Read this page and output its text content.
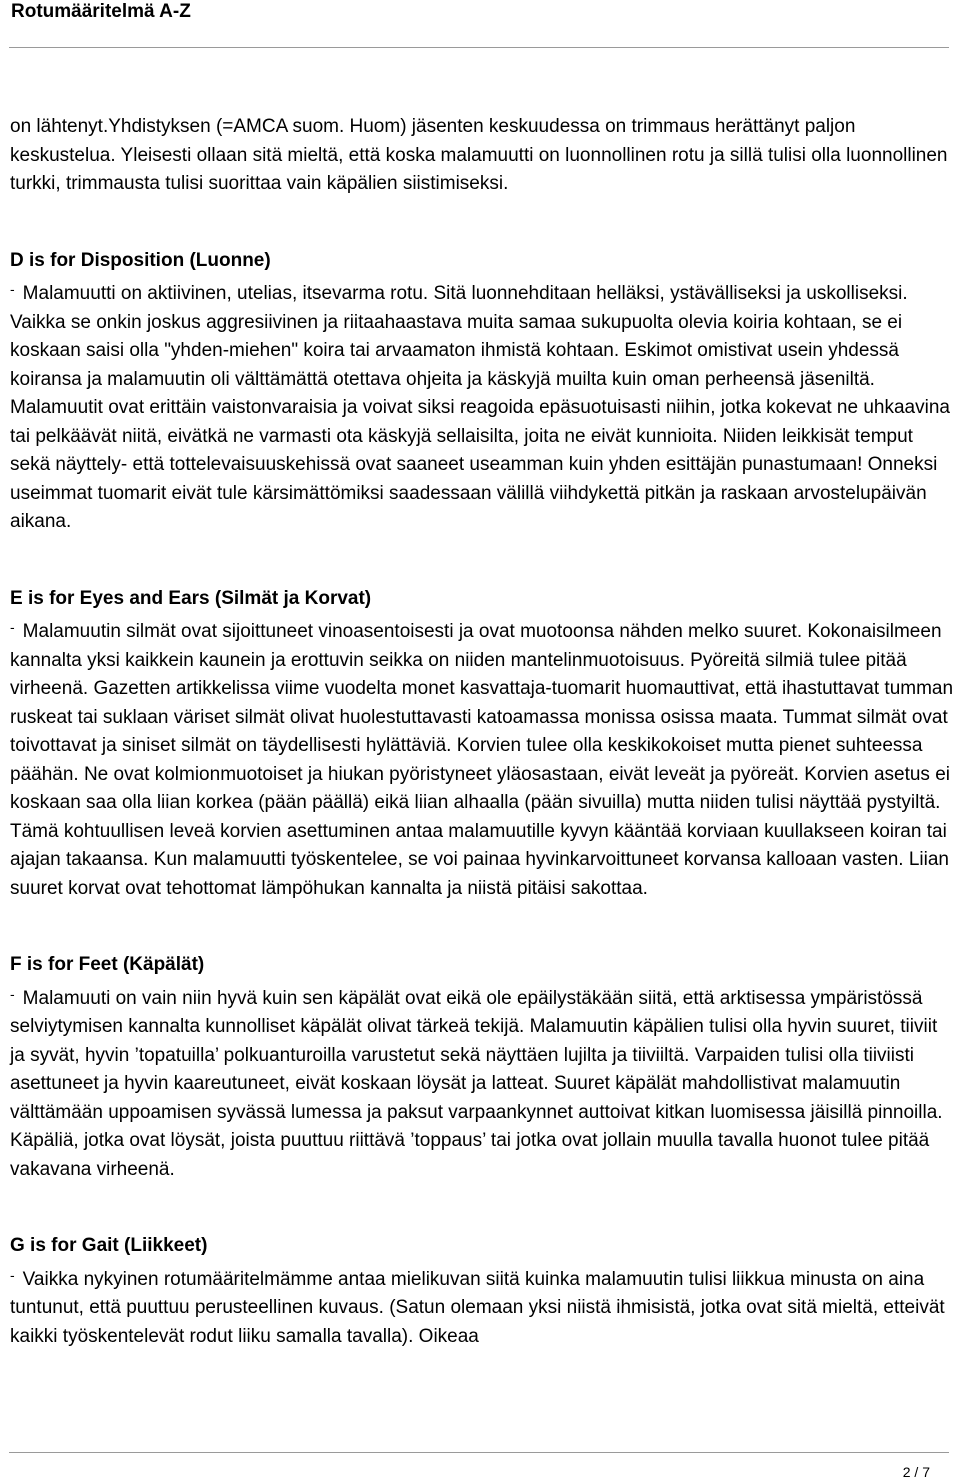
Rotumääritelmä A-Z

on lähtenyt.Yhdistyksen (=AMCA suom. Huom) jäsenten keskuudessa on trimmaus herättänyt paljon keskustelua. Yleisesti ollaan sitä mieltä, että koska malamuutti on luonnollinen rotu ja sillä tulisi olla luonnollinen turkki, trimmausta tulisi suorittaa vain käpälien siistimiseksi.

D is for Disposition (Luonne)

- Malamuutti on aktiivinen, utelias, itsevarma rotu. Sitä luonnehditaan helläksi, ystävälliseksi ja uskolliseksi. Vaikka se onkin joskus aggresiivinen ja riitaahaastava muita samaa sukupuolta olevia koiria kohtaan, se ei koskaan saisi olla "yhden-miehen" koira tai arvaamaton ihmistä kohtaan. Eskimot omistivat usein yhdessä koiransa ja malamuutin oli välttämättä otettava ohjeita ja käskyjä muilta kuin oman perheensä jäseniltä. Malamuutit ovat erittäin vaistonvaraisia ja voivat siksi reagoida epäsuotuisasti niihin, jotka kokevat ne uhkaavina tai pelkäävät niitä, eivätkä ne varmasti ota käskyjä sellaisilta, joita ne eivät kunnioita. Niiden leikkisät temput sekä näyttely- että tottelevaisuuskehissä ovat saaneet useamman kuin yhden esittäjän punastumaan! Onneksi useimmat tuomarit eivät tule kärsimättömiksi saadessaan välillä viihdykettä pitkän ja raskaan arvostelupäivän aikana.

E is for Eyes and Ears (Silmät ja Korvat)

- Malamuutin silmät ovat sijoittuneet vinoasentoisesti ja ovat muotoonsa nähden melko suuret. Kokonaisilmeen kannalta yksi kaikkein kaunein ja erottuvin seikka on niiden mantelinmuotoisuus. Pyöreitä silmiä tulee pitää virheenä. Gazetten artikkelissa viime vuodelta monet kasvattaja-tuomarit huomauttivat, että ihastuttavat tumman ruskeat tai suklaan väriset silmät olivat huolestuttavasti katoamassa monissa osissa maata. Tummat silmät ovat toivottavat ja siniset silmät on täydellisesti hylättäviä. Korvien tulee olla keskikokoiset mutta pienet suhteessa päähän. Ne ovat kolmionmuotoiset ja hiukan pyöristyneet yläosastaan, eivät leveät ja pyöreät. Korvien asetus ei koskaan saa olla liian korkea (pään päällä) eikä liian alhaalla (pään sivuilla) mutta niiden tulisi näyttää pystyiltä. Tämä kohtuullisen leveä korvien asettuminen antaa malamuutille kyvyn kääntää korviaan kuullakseen koiran tai ajajan takaansa. Kun malamuutti työskentelee, se voi painaa hyvinkarvoittuneet korvansa kalloaan vasten. Liian suuret korvat ovat tehottomat lämpöhukan kannalta ja niistä pitäisi sakottaa.

F is for Feet (Käpälät)

- Malamuuti on vain niin hyvä kuin sen käpälät ovat eikä ole epäilystäkään siitä, että arktisessa ympäristössä selviytymisen kannalta kunnolliset käpälät olivat tärkeä tekijä. Malamuutin käpälien tulisi olla hyvin suuret, tiiviit ja syvät, hyvin ’topatuilla’ polkuanturoilla varustetut sekä näyttäen lujilta ja tiiviiltä. Varpaiden tulisi olla tiiviisti asettuneet ja hyvin kaareutuneet, eivät koskaan löysät ja latteat. Suuret käpälät mahdollistivat malamuutin välttämään uppoamisen syvässä lumessa ja paksut varpaankynnet auttoivat kitkan luomisessa jäisillä pinnoilla. Käpäliä, jotka ovat löysät, joista puuttuu riittävä ’toppaus’ tai jotka ovat jollain muulla tavalla huonot tulee pitää vakavana virheenä.

G is for Gait (Liikkeet)

- Vaikka nykyinen rotumääritelmämme antaa mielikuvan siitä kuinka malamuutin tulisi liikkua minusta on aina tuntunut, että puuttuu perusteellinen kuvaus. (Satun olemaan yksi niistä ihmisistä, jotka ovat sitä mieltä, etteivät kaikki työskentelevät rodut liiku samalla tavalla). Oikeaa

2 / 7
